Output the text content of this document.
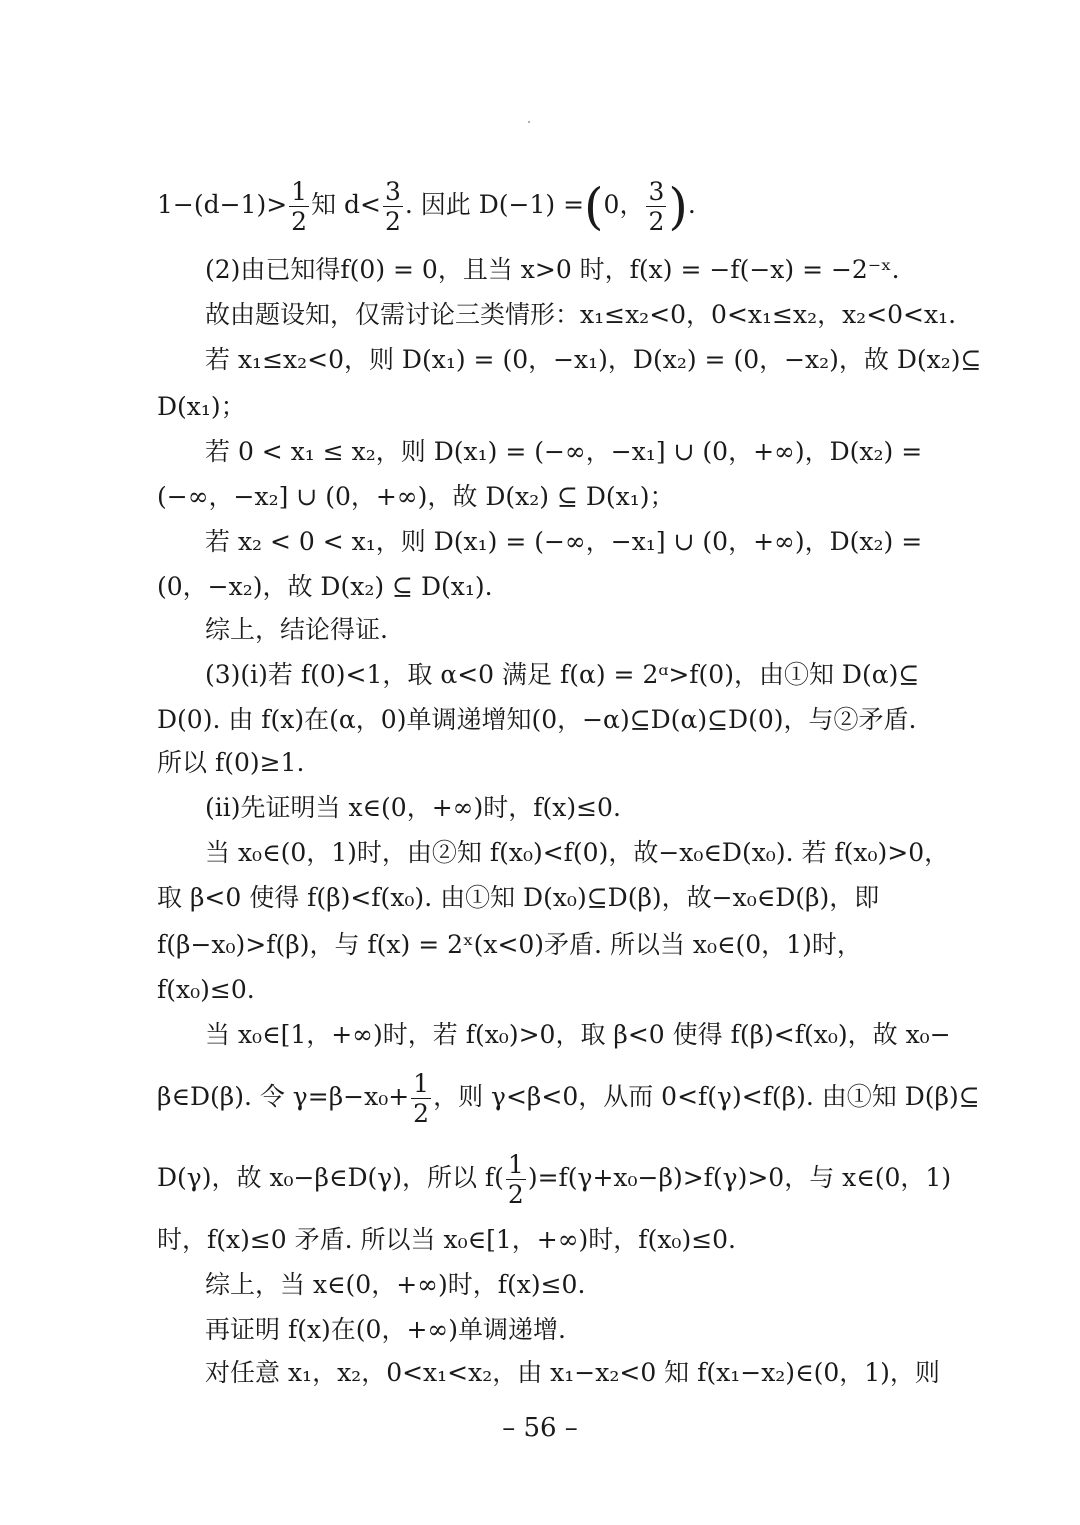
$1-(d-1)> \frac{1}{2}$ 知 $d< \frac{3}{2}$ . 因此 D(−1) =(0， $\frac{3}{2}$ ).
(2)由已知得f(0) = 0，且当 x>0 时，f(x) = −f(−x) = −2⁻ˣ.
故由题设知，仅需讨论三类情形：x₁≤x₂<0，0<x₁≤x₂，x₂<0<x₁.
若 x₁≤x₂<0，则 D(x₁) = (0，−x₁)，D(x₂) = (0，−x₂)，故 D(x₂)⊆
D(x₁)；
若 0 < x₁ ≤ x₂，则 D(x₁) = (−∞，−x₁] ∪ (0，+∞)，D(x₂) =
(−∞，−x₂] ∪ (0，+∞)，故 D(x₂) ⊆ D(x₁)；
若 x₂ < 0 < x₁，则 D(x₁) = (−∞，−x₁] ∪ (0，+∞)，D(x₂) =
(0，−x₂)，故 D(x₂) ⊆ D(x₁).
综上，结论得证.
(3)(ⅰ)若 f(0)<1，取 α<0 满足 f(α) = 2ᵅ>f(0)，由①知 D(α)⊆
D(0). 由 f(x)在(α，0)单调递增知(0，−α)⊆D(α)⊆D(0)，与②矛盾.
所以 f(0)≥1.
(ⅱ)先证明当 x∈(0，+∞)时，f(x)≤0.
当 x₀∈(0，1)时，由②知 f(x₀)<f(0)，故−x₀∈D(x₀). 若 f(x₀)>0，
取 β<0 使得 f(β)<f(x₀). 由①知 D(x₀)⊆D(β)，故−x₀∈D(β)，即
f(β−x₀)>f(β)，与 f(x) = 2ˣ(x<0)矛盾. 所以当 x₀∈(0，1)时，
f(x₀)≤0.
当 x₀∈[1，+∞)时，若 f(x₀)>0，取 β<0 使得 f(β)<f(x₀)，故 x₀−
β∈D(β). 令 $\gamma=\beta-x_0+ \frac{1}{2}$ ，则 γ<β<0，从而 0<f(γ)<f(β). 由①知 D(β)⊆
D(γ)，故 x₀−β∈D(γ)，所以 $f( \frac{1}{2} )=f(\gamma+x_0-\beta)>f(\gamma)>0$，与 x∈(0，1)
时，f(x)≤0 矛盾. 所以当 x₀∈[1，+∞)时，f(x₀)≤0.
综上，当 x∈(0，+∞)时，f(x)≤0.
再证明 f(x)在(0，+∞)单调递增.
对任意 x₁，x₂，0<x₁<x₂，由 x₁−x₂<0 知 f(x₁−x₂)∈(0，1)，则
– 56 –
